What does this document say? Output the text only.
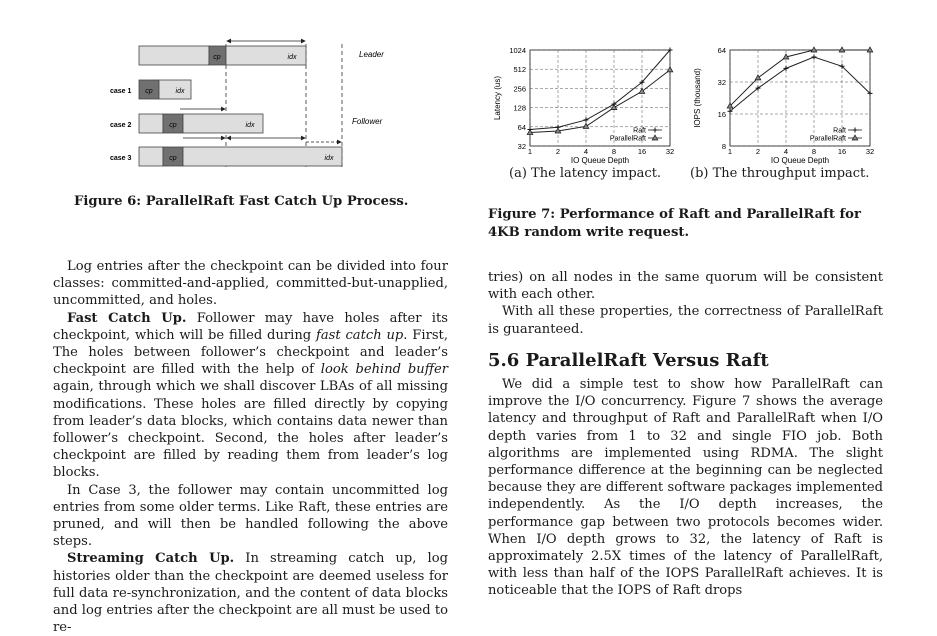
cp	idx	Leader
case 1 cp	idx
case 2	cp	idx	Follower
case 3	cp	idx
Figure 6: ParallelRaft Fast Catch Up Process.
32
64
128
256
512
1024
1	2	4	8	16	32
IO Queue Depth
Latency (us)
Raft
ParallelRaft
8
16
32
64
1	2	4	8	16	32
IO Queue Depth
IOPS (thousand)
Raft
ParallelRaft
(a) The latency impact. (b) The throughput impact.
Figure 7: Performance of Raft and ParallelRaft for
4KB random write request.

Log entries after the checkpoint can be divided into four classes: committed-and-applied, committed-but-unapplied, uncommitted, and holes.

Fast Catch Up. Follower may have holes after its checkpoint, which will be filled during fast catch up. First, The holes between follower’s checkpoint and leader’s checkpoint are filled with the help of look behind buffer again, through which we shall discover LBAs of all missing modifications. These holes are filled directly by copying from leader’s data blocks, which contains data newer than follower’s checkpoint. Second, the holes after leader’s checkpoint are filled by reading them from leader’s log blocks.

In Case 3, the follower may contain uncommitted log entries from some older terms. Like Raft, these entries are pruned, and will then be handled following the above steps.

Streaming Catch Up. In streaming catch up, log histories older than the checkpoint are deemed useless for full data re-synchronization, and the content of data blocks and log entries after the checkpoint are all must be used to re-

tries) on all nodes in the same quorum will be consistent with each other.

With all these properties, the correctness of ParallelRaft is guaranteed.

5.6 ParallelRaft Versus Raft

We did a simple test to show how ParallelRaft can improve the I/O concurrency. Figure 7 shows the average latency and throughput of Raft and ParallelRaft when I/O depth varies from 1 to 32 and single FIO job. Both algorithms are implemented using RDMA. The slight performance difference at the beginning can be neglected because they are different software packages implemented independently. As the I/O depth increases, the performance gap between two protocols becomes wider. When I/O depth grows to 32, the latency of Raft is approximately 2.5X times of the latency of ParallelRaft, with less than half of the IOPS ParallelRaft achieves. It is noticeable that the IOPS of Raft drops
